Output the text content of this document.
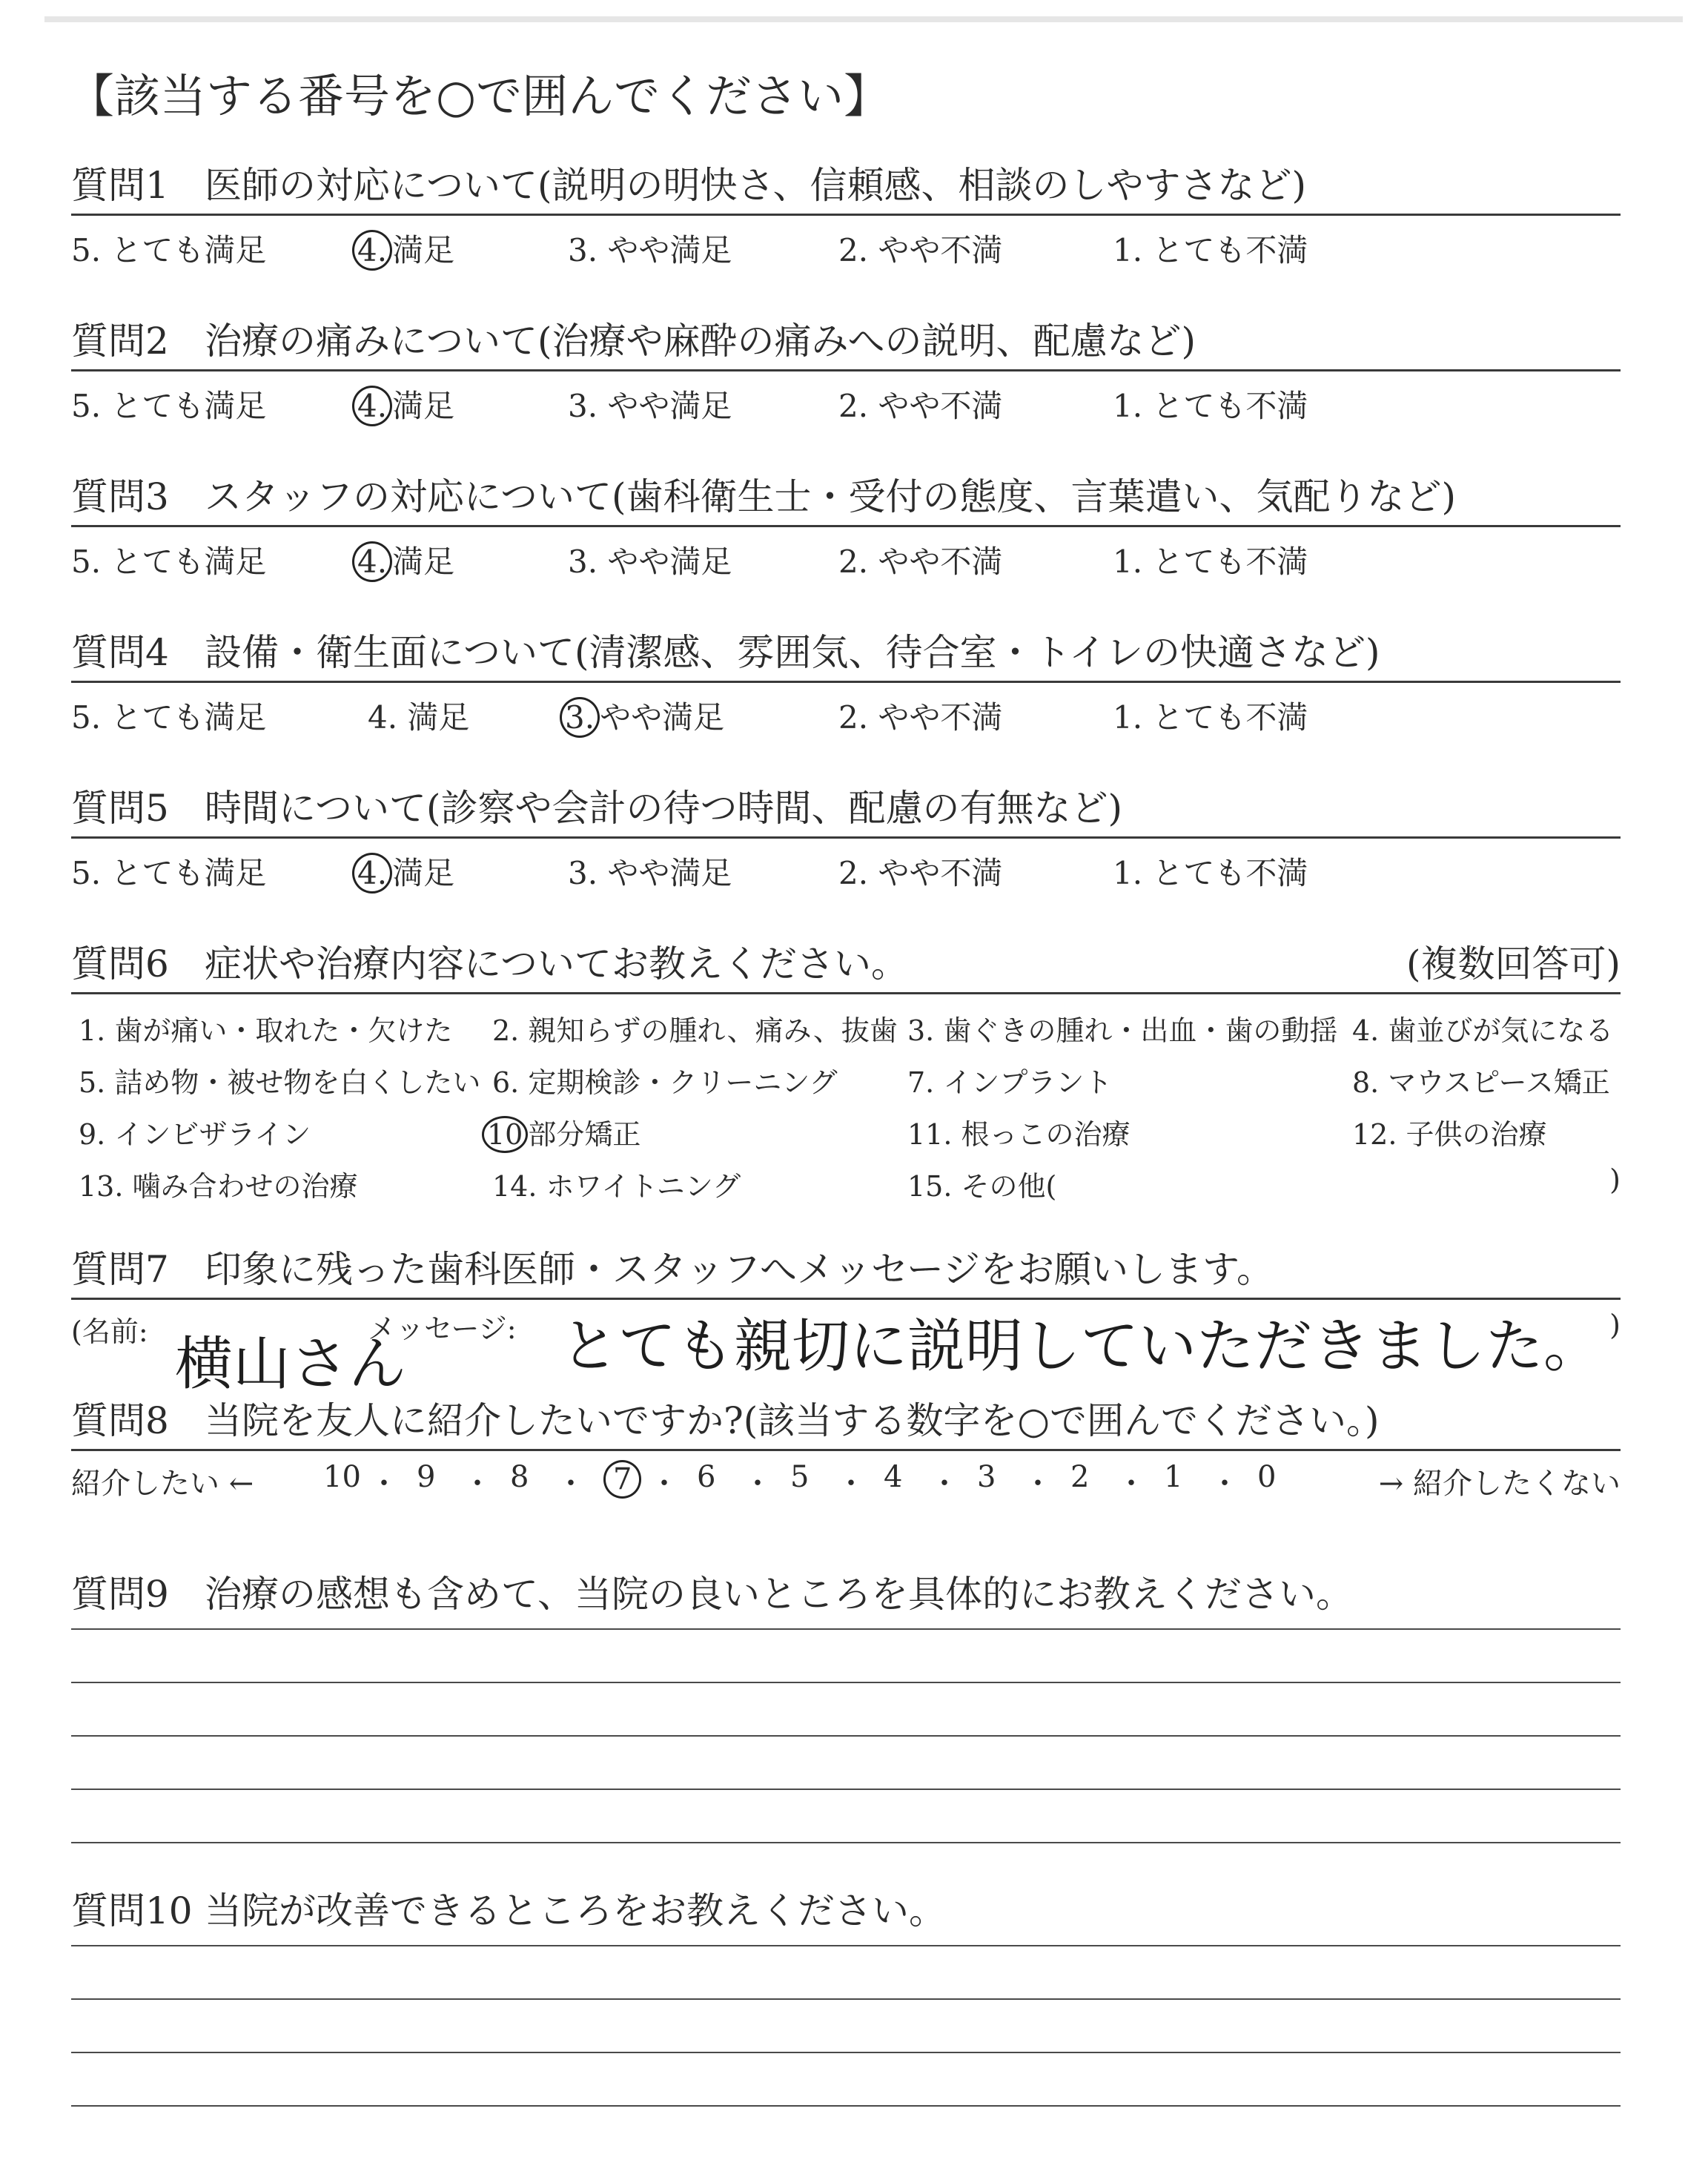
【該当する番号を○で囲んでください】
質問1 医師の対応について(説明の明快さ、信頼感、相談のしやすさなど)
5. とても満足	4. 満足	3. やや満足	2. やや不満	1. とても不満
質問2 治療の痛みについて(治療や麻酔の痛みへの説明、配慮など)
5. とても満足	4. 満足	3. やや満足	2. やや不満	1. とても不満
質問3 スタッフの対応について(歯科衛生士・受付の態度、言葉遣い、気配りなど)
5. とても満足	4. 満足	3. やや満足	2. やや不満	1. とても不満
質問4 設備・衛生面について(清潔感、雰囲気、待合室・トイレの快適さなど)
5. とても満足	4. 満足	3. やや満足	2. やや不満	1. とても不満
質問5 時間について(診察や会計の待つ時間、配慮の有無など)
5. とても満足	4. 満足	3. やや満足	2. やや不満	1. とても不満
質問6 症状や治療内容についてお教えください。	(複数回答可)
1. 歯が痛い・取れた・欠けた 2. 親知らずの腫れ、痛み、抜歯 3. 歯ぐきの腫れ・出血・歯の動揺 4. 歯並びが気になる
5. 詰め物・被せ物を白くしたい 6. 定期検診・クリーニング 7. インプラント	8. マウスピース矯正
9. インビザライン	10 部分矯正	11. 根っこの治療	12. 子供の治療
13. 噛み合わせの治療	14. ホワイトニング	15. その他(	)
質問7 印象に残った歯科医師・スタッフへメッセージをお願いします。
(名前: 横山さん
メッセージ: とても親切に説明していただきました。 )
質問8 当院を友人に紹介したいですか?(該当する数字を○で囲んでください。)
紹介したい ←	→ 紹介したくない
10 ・ 9 ・ 8 ・ 7 ・ 6 ・ 5 ・ 4 ・ 3 ・ 2 ・ 1 ・ 0
質問9 治療の感想も含めて、当院の良いところを具体的にお教えください。
質問10 当院が改善できるところをお教えください。
